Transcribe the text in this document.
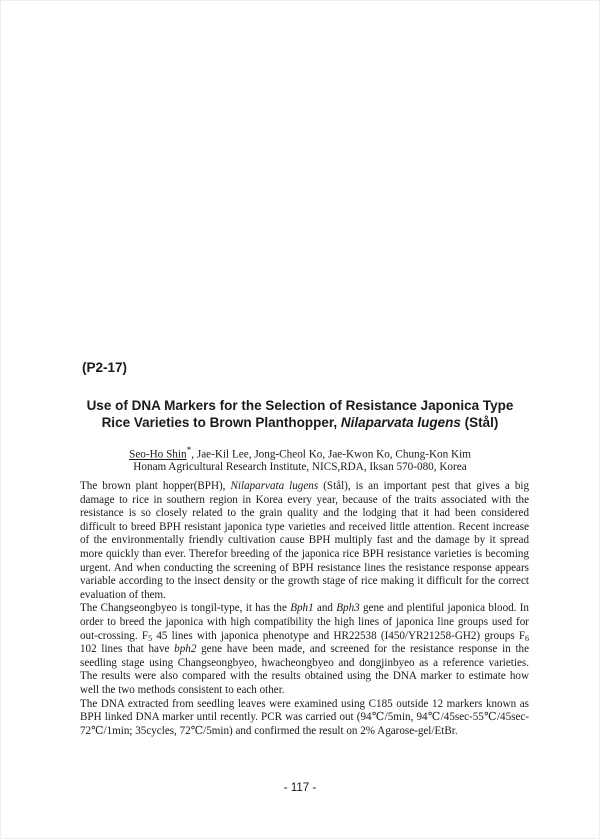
(P2-17)
Use of DNA Markers for the Selection of Resistance Japonica Type
Rice Varieties to Brown Planthopper, Nilaparvata lugens (Stål)
Seo-Ho Shin*, Jae-Kil Lee, Jong-Cheol Ko, Jae-Kwon Ko, Chung-Kon Kim
Honam Agricultural Research Institute, NICS,RDA, Iksan 570-080, Korea

The brown plant hopper(BPH), Nilaparvata lugens (Stål), is an important pest that gives a big damage to rice in southern region in Korea every year, because of the traits associated with the resistance is so closely related to the grain quality and the lodging that it had been considered difficult to breed BPH resistant japonica type varieties and received little attention. Recent increase of the environmentally friendly cultivation cause BPH multiply fast and the damage by it spread more quickly than ever. Therefor breeding of the japonica rice BPH resistance varieties is becoming urgent. And when conducting the screening of BPH resistance lines the resistance response appears variable according to the insect density or the growth stage of rice making it difficult for the correct evaluation of them.

The Changseongbyeo is tongil-type, it has the Bph1 and Bph3 gene and plentiful japonica blood. In order to breed the japonica with high compatibility the high lines of japonica line groups used for out-crossing. $F_5$ 45 lines with japonica phenotype and HR22538 (I450/YR21258-GH2) groups $F_6$ 102 lines that have bph2 gene have been made, and screened for the resistance response in the seedling stage using Changseongbyeo, hwacheongbyeo and dongjinbyeo as a reference varieties. The results were also compared with the results obtained using the DNA marker to estimate how well the two methods consistent to each other.

The DNA extracted from seedling leaves were examined using C185 outside 12 markers known as BPH linked DNA marker until recently. PCR was carried out (94℃/5min, 94℃/45sec-55℃/45sec-72℃/1min; 35cycles, 72℃/5min) and confirmed the result on 2% Agarose-gel/EtBr.

- 117 -
